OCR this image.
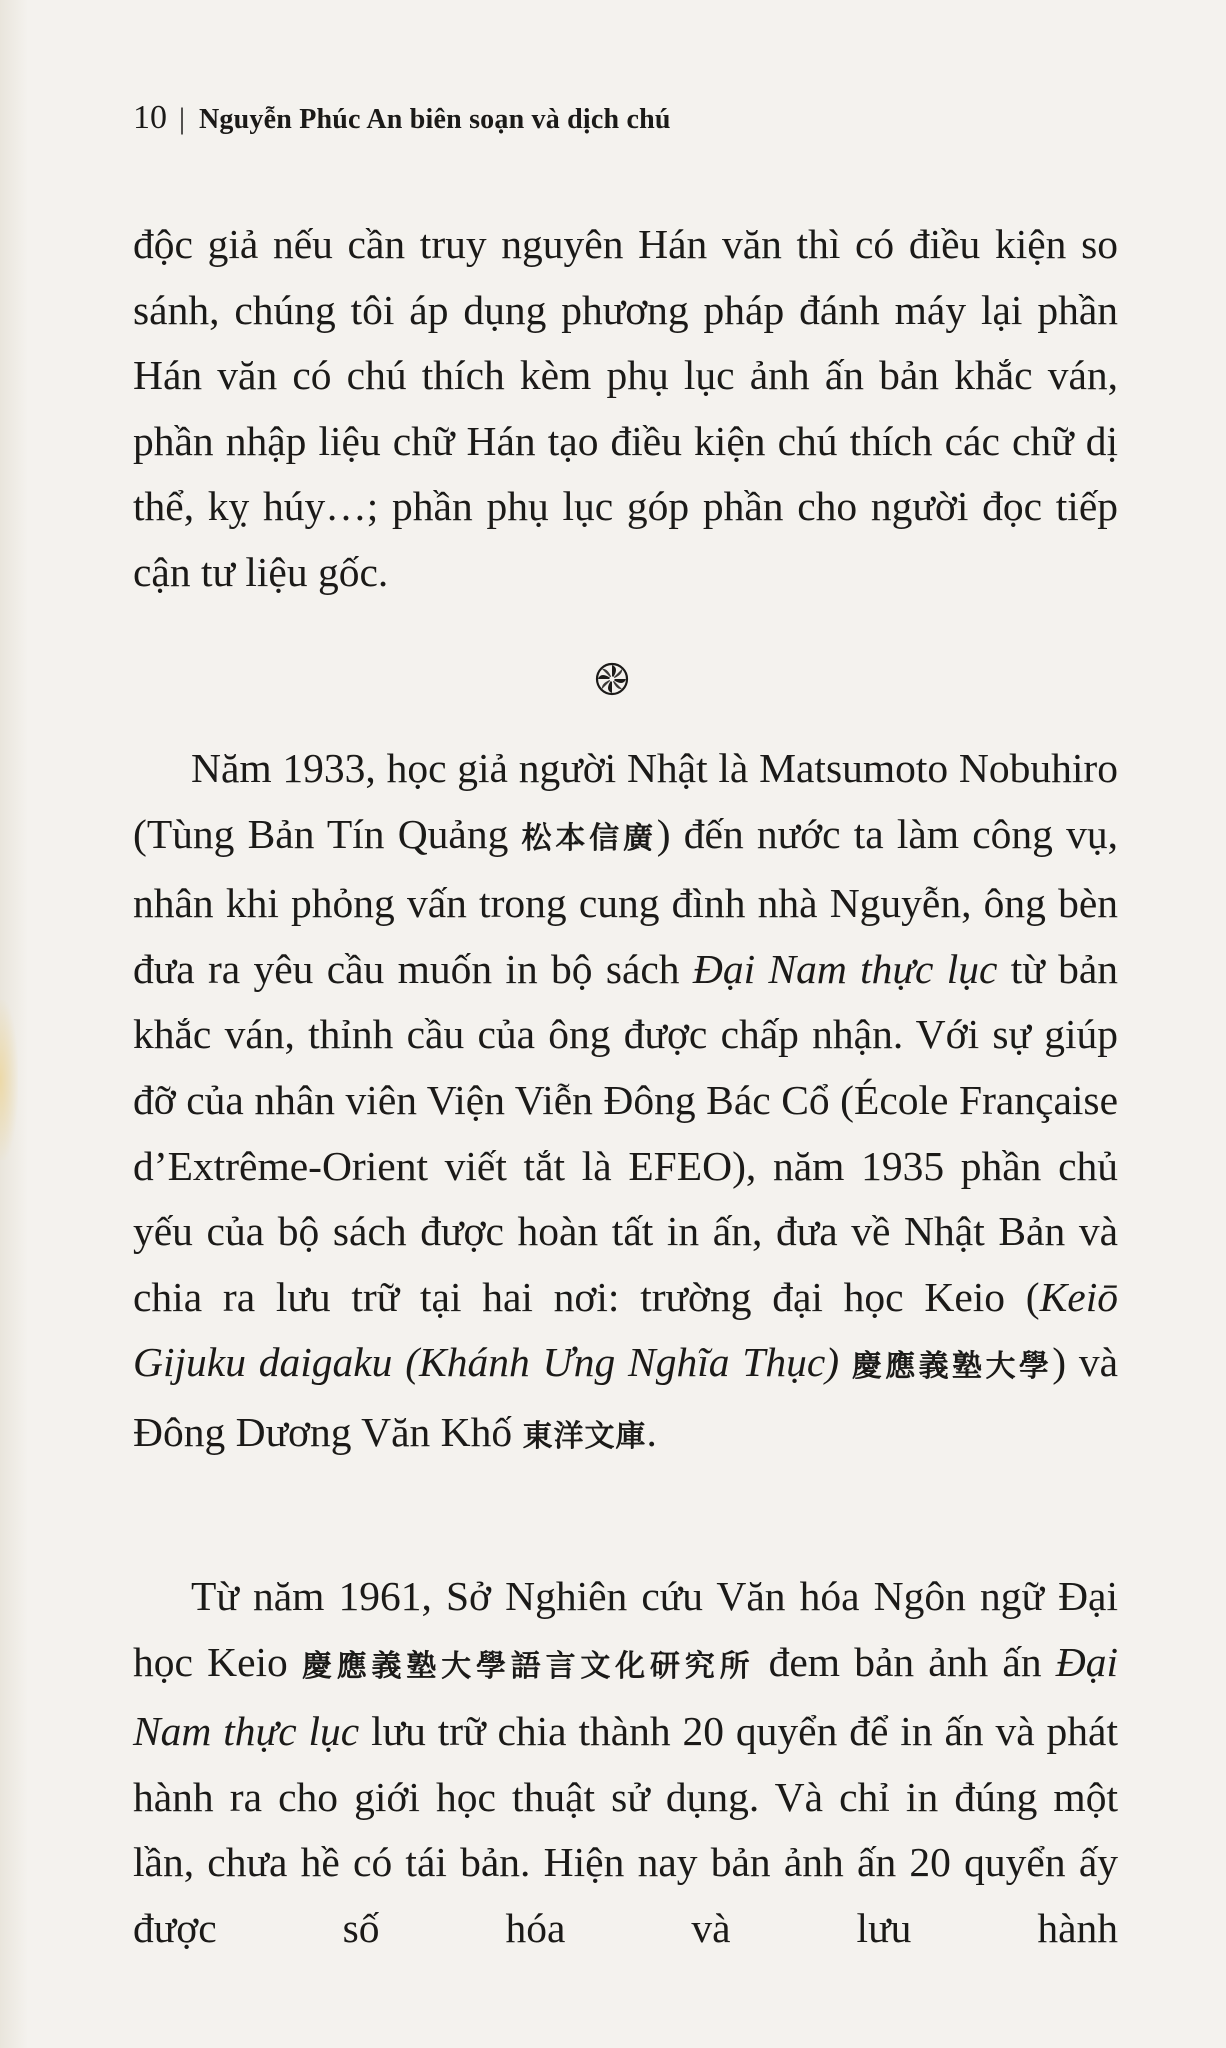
10 | Nguyễn Phúc An biên soạn và dịch chú

độc giả nếu cần truy nguyên Hán văn thì có điều kiện so sánh, chúng tôi áp dụng phương pháp đánh máy lại phần Hán văn có chú thích kèm phụ lục ảnh ấn bản khắc ván, phần nhập liệu chữ Hán tạo điều kiện chú thích các chữ dị thể, kỵ húy…; phần phụ lục góp phần cho người đọc tiếp cận tư liệu gốc.

Năm 1933, học giả người Nhật là Matsumoto Nobuhiro (Tùng Bản Tín Quảng 松本信廣) đến nước ta làm công vụ, nhân khi phỏng vấn trong cung đình nhà Nguyễn, ông bèn đưa ra yêu cầu muốn in bộ sách Đại Nam thực lục từ bản khắc ván, thỉnh cầu của ông được chấp nhận. Với sự giúp đỡ của nhân viên Viện Viễn Đông Bác Cổ (École Française d’Extrême-Orient viết tắt là EFEO), năm 1935 phần chủ yếu của bộ sách được hoàn tất in ấn, đưa về Nhật Bản và chia ra lưu trữ tại hai nơi: trường đại học Keio (Keiō Gijuku daigaku (Khánh Ưng Nghĩa Thục) 慶應義塾大學) và Đông Dương Văn Khố 東洋文庫.

Từ năm 1961, Sở Nghiên cứu Văn hóa Ngôn ngữ Đại học Keio 慶應義塾大學語言文化研究所 đem bản ảnh ấn Đại Nam thực lục lưu trữ chia thành 20 quyển để in ấn và phát hành ra cho giới học thuật sử dụng. Và chỉ in đúng một lần, chưa hề có tái bản. Hiện nay bản ảnh ấn 20 quyển ấy được số hóa và lưu hành
